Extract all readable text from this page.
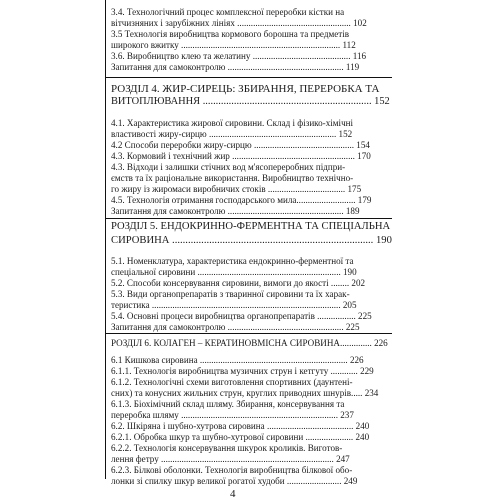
3.4. Технологічний процес комплексної переробки кістки на
вітчизняних і зарубіжних лініях .................................................. 102
3.5 Технологія виробництва кормового борошна та предметів
широкого вжитку ...................................................................... 112
3.6. Виробництво клею та желатину ........................................... 116
Запитання для самоконтролю ................................................... 119
РОЗДІЛ 4. ЖИР-СИРЕЦЬ: ЗБИРАННЯ, ПЕРЕРОБКА ТА
ВИТОПЛЮВАННЯ ................................................................. 152
4.1. Характеристика жирової сировини. Склад і фізико-хімічні
властивості жиру-сирцю ........................................................ 152
4.2 Способи переробки жиру-сирцю ............................................ 154
4.3. Кормовий і технічний жир ...................................................... 170
4.3. Відходи і залишки стічних вод м'ясопереробних підпри-
ємств та їх раціональне використання. Виробництво технічно-
го жиру із жиромаси виробничих стоків .................................. 175
4.5. Технологія отримання господарського мила.......................... 179
Запитання для самоконтролю ................................................... 189
РОЗДІЛ 5. ЕНДОКРИННО-ФЕРМЕНТНА ТА СПЕЦІАЛЬНА
СИРОВИНА ............................................................................ 190
5.1. Номенклатура, характеристика ендокринно-ферментної та
спеціальної сировини ............................................................... 190
5.2. Способи консервування сировини, вимоги до якості ........ 202
5.3. Види органопрепаратів з тваринної сировини та їх харак-
теристика ................................................................................... 205
5.4. Основні процеси виробництва органопрепаратів ................. 225
Запитання для самоконтролю ................................................... 225
РОЗДІЛ 6. КОЛАГЕН – КЕРАТИНОВМІСНА СИРОВИНА.............. 226
6.1 Кишкова сировина ................................................................. 226
6.1.1. Технологія виробництва музичних струн і кетгуту ............ 229
6.1.2. Технологічні схеми виготовлення спортивних (даунтені-
сних) та конусних жильних струн, круглих приводних шнурів..... 234
6.1.3. Біохімічний склад шляму. Збирання, консервування та
переробка шляму ..................................................................... 237
6.2. Шкіряна і шубно-хутрова сировина ...................................... 240
6.2.1. Обробка шкур та шубно-хутрової сировини ..................... 240
6.2.2. Технологія консервування шкурок кроликів. Виготов-
лення фетру ............................................................................ 247
6.2.3. Білкові оболонки. Технологія виробництва білкової обо-
лонки зі спилку шкур великої рогатої худоби ........................ 249
4
